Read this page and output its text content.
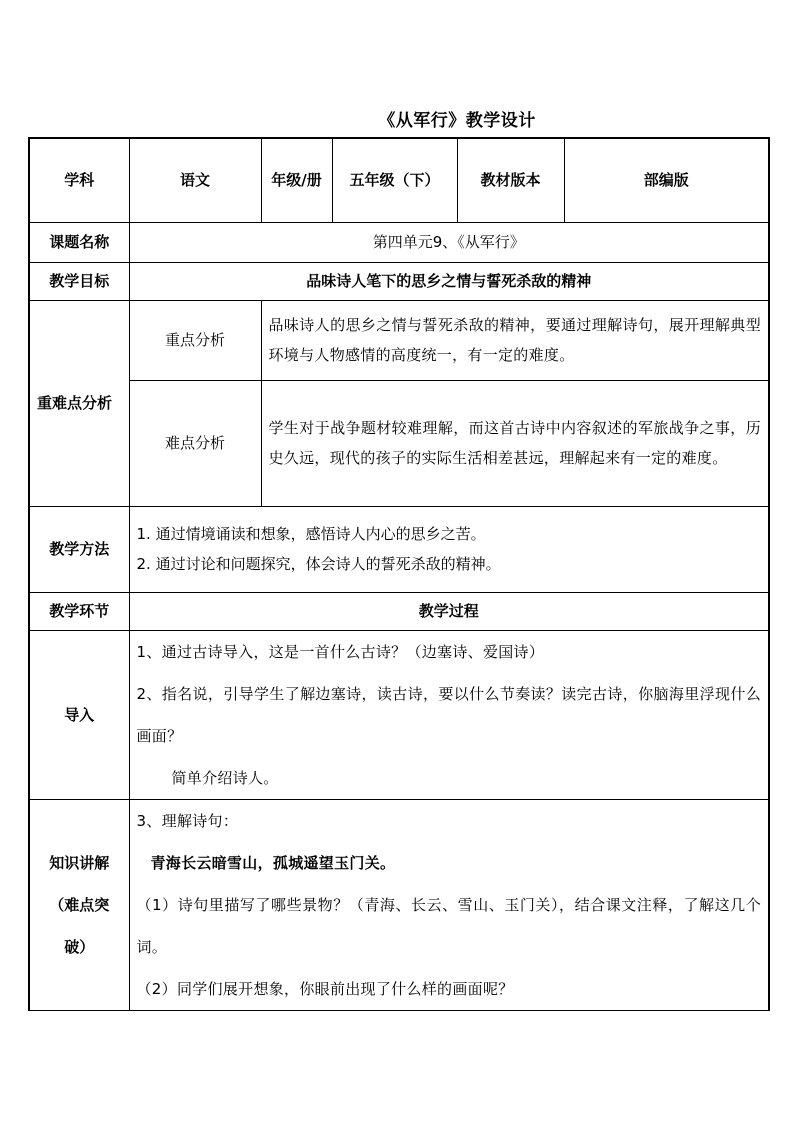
《从军行》教学设计
学科	语文	年级/册	五年级（下）	教材版本	部编版
课题名称	第四单元9、《从军行》				
教学目标	品味诗人笔下的思乡之情与誓死杀敌的精神				
重难点分析	重点分析	品味诗人的思乡之情与誓死杀敌的精神，要通过理解诗句，展开理解典型环境与人物感情的高度统一，有一定的难度。			
	难点分析	学生对于战争题材较难理解，而这首古诗中内容叙述的军旅战争之事，历史久远，现代的孩子的实际生活相差甚远，理解起来有一定的难度。			
教学方法	1. 通过情境诵读和想象，感悟诗人内心的思乡之苦。
2. 通过讨论和问题探究，体会诗人的誓死杀敌的精神。				

教学环节	教学过程				
导入	1、通过古诗导入，这是一首什么古诗？（边塞诗、爱国诗）
2、指名说，引导学生了解边塞诗，读古诗，要以什么节奏读？读完古诗，你脑海里浮现什么画面？
简单介绍诗人。				

知识讲解（难点突破）	3、理解诗句：
青海长云暗雪山，孤城遥望玉门关。
（1）诗句里描写了哪些景物？（青海、长云、雪山、玉门关），结合课文注释，了解这几个词。
（2）同学们展开想象，你眼前出现了什么样的画面呢？				
